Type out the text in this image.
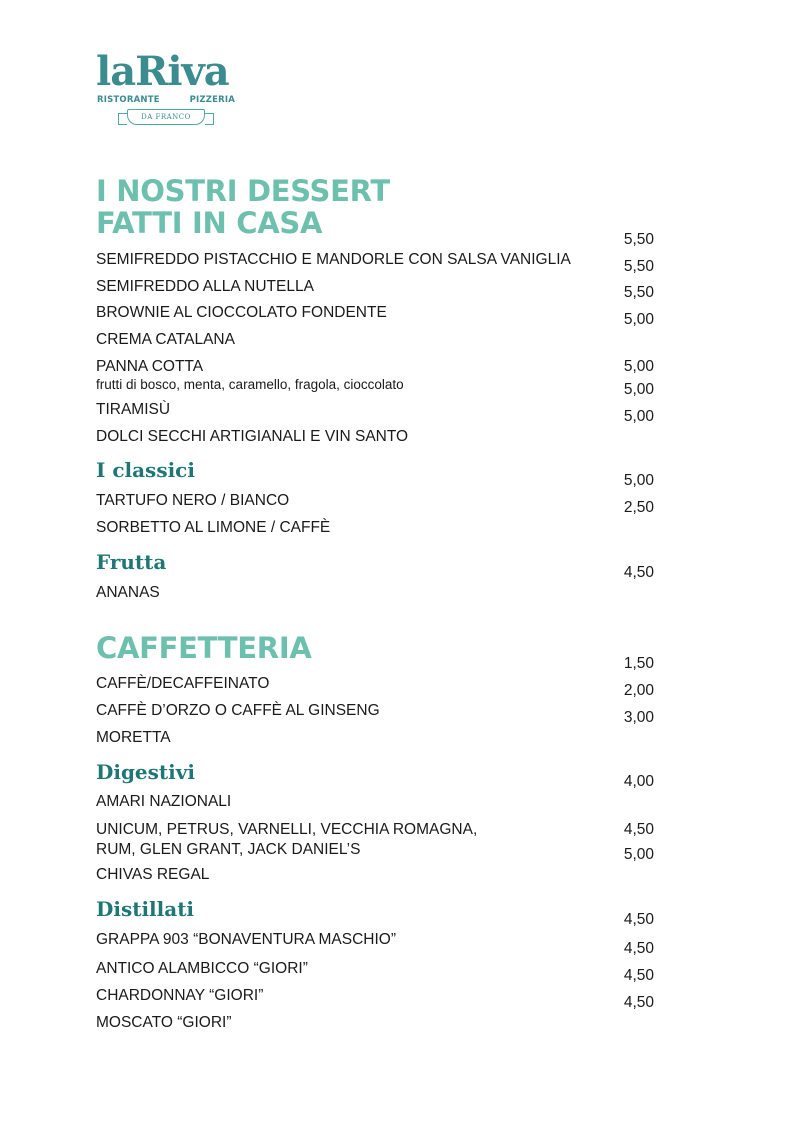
laRiva
RISTORANTE	PIZZERIA
DA FRANCO
I NOSTRI DESSERT
FATTI IN CASA
SEMIFREDDO PISTACCHIO E MANDORLE CON SALSA VANIGLIA
5,50
SEMIFREDDO ALLA NUTELLA
5,50
BROWNIE AL CIOCCOLATO FONDENTE
5,50
CREMA CATALANA
5,00
PANNA COTTA	5,00
frutti di bosco, menta, caramello, fragola, cioccolato
TIRAMISÙ
5,00
DOLCI SECCHI ARTIGIANALI E VIN SANTO
5,00
I classici
TARTUFO NERO / BIANCO
5,00
SORBETTO AL LIMONE / CAFFÈ
2,50
Frutta
ANANAS
4,50
CAFFETTERIA
CAFFÈ/DECAFFEINATO
1,50
CAFFÈ D’ORZO O CAFFÈ AL GINSENG
2,00
MORETTA
3,00
Digestivi
AMARI NAZIONALI
4,00
UNICUM, PETRUS, VARNELLI, VECCHIA ROMAGNA,
RUM, GLEN GRANT, JACK DANIEL’S
4,50
CHIVAS REGAL
5,00
Distillati
GRAPPA 903 “BONAVENTURA MASCHIO”
4,50
ANTICO ALAMBICCO “GIORI”
4,50
CHARDONNAY “GIORI”
4,50
MOSCATO “GIORI”
4,50
